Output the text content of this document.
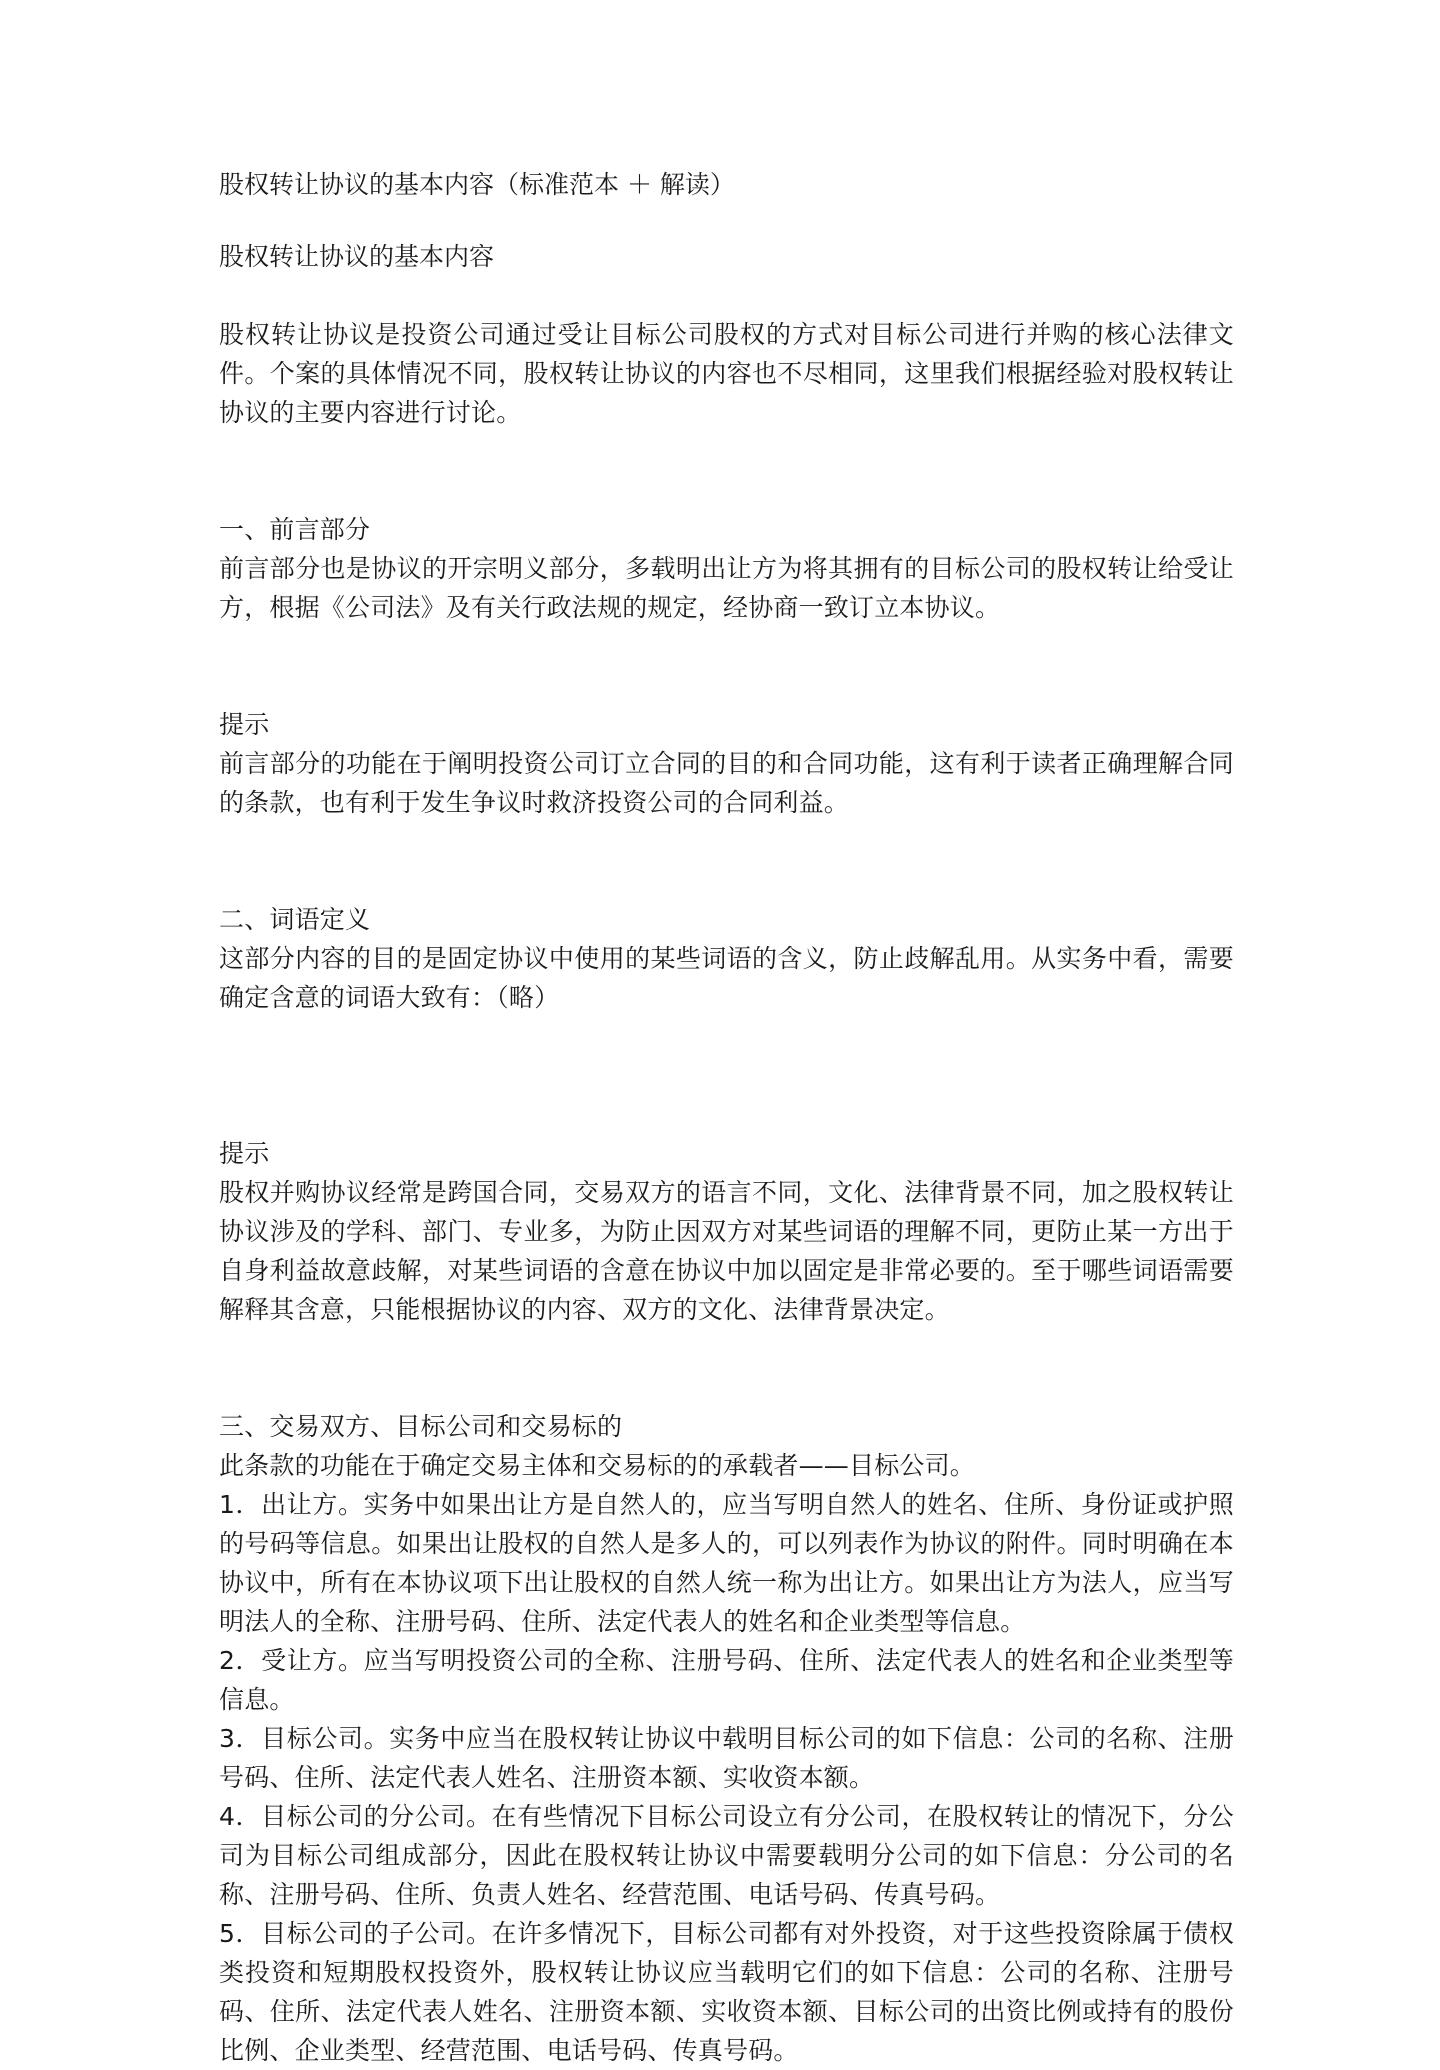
股权转让协议的基本内容（标准范本 ＋ 解读）
股权转让协议的基本内容

股权转让协议是投资公司通过受让目标公司股权的方式对目标公司进行并购的核心法律文件。个案的具体情况不同，股权转让协议的内容也不尽相同，这里我们根据经验对股权转让协议的主要内容进行讨论。

一、前言部分

前言部分也是协议的开宗明义部分，多载明出让方为将其拥有的目标公司的股权转让给受让方，根据《公司法》及有关行政法规的规定，经协商一致订立本协议。

提示

前言部分的功能在于阐明投资公司订立合同的目的和合同功能，这有利于读者正确理解合同的条款，也有利于发生争议时救济投资公司的合同利益。

二、词语定义

这部分内容的目的是固定协议中使用的某些词语的含义，防止歧解乱用。从实务中看，需要确定含意的词语大致有：（略）

提示

股权并购协议经常是跨国合同，交易双方的语言不同，文化、法律背景不同，加之股权转让协议涉及的学科、部门、专业多，为防止因双方对某些词语的理解不同，更防止某一方出于自身利益故意歧解，对某些词语的含意在协议中加以固定是非常必要的。至于哪些词语需要解释其含意，只能根据协议的内容、双方的文化、法律背景决定。

三、交易双方、目标公司和交易标的

此条款的功能在于确定交易主体和交易标的的承载者——目标公司。

1．出让方。实务中如果出让方是自然人的，应当写明自然人的姓名、住所、身份证或护照的号码等信息。如果出让股权的自然人是多人的，可以列表作为协议的附件。同时明确在本协议中，所有在本协议项下出让股权的自然人统一称为出让方。如果出让方为法人，应当写明法人的全称、注册号码、住所、法定代表人的姓名和企业类型等信息。

2．受让方。应当写明投资公司的全称、注册号码、住所、法定代表人的姓名和企业类型等信息。

3．目标公司。实务中应当在股权转让协议中载明目标公司的如下信息：公司的名称、注册号码、住所、法定代表人姓名、注册资本额、实收资本额。

4．目标公司的分公司。在有些情况下目标公司设立有分公司，在股权转让的情况下，分公司为目标公司组成部分，因此在股权转让协议中需要载明分公司的如下信息：分公司的名称、注册号码、住所、负责人姓名、经营范围、电话号码、传真号码。

5．目标公司的子公司。在许多情况下，目标公司都有对外投资，对于这些投资除属于债权类投资和短期股权投资外，股权转让协议应当载明它们的如下信息：公司的名称、注册号码、住所、法定代表人姓名、注册资本额、实收资本额、目标公司的出资比例或持有的股份比例、企业类型、经营范围、电话号码、传真号码。
